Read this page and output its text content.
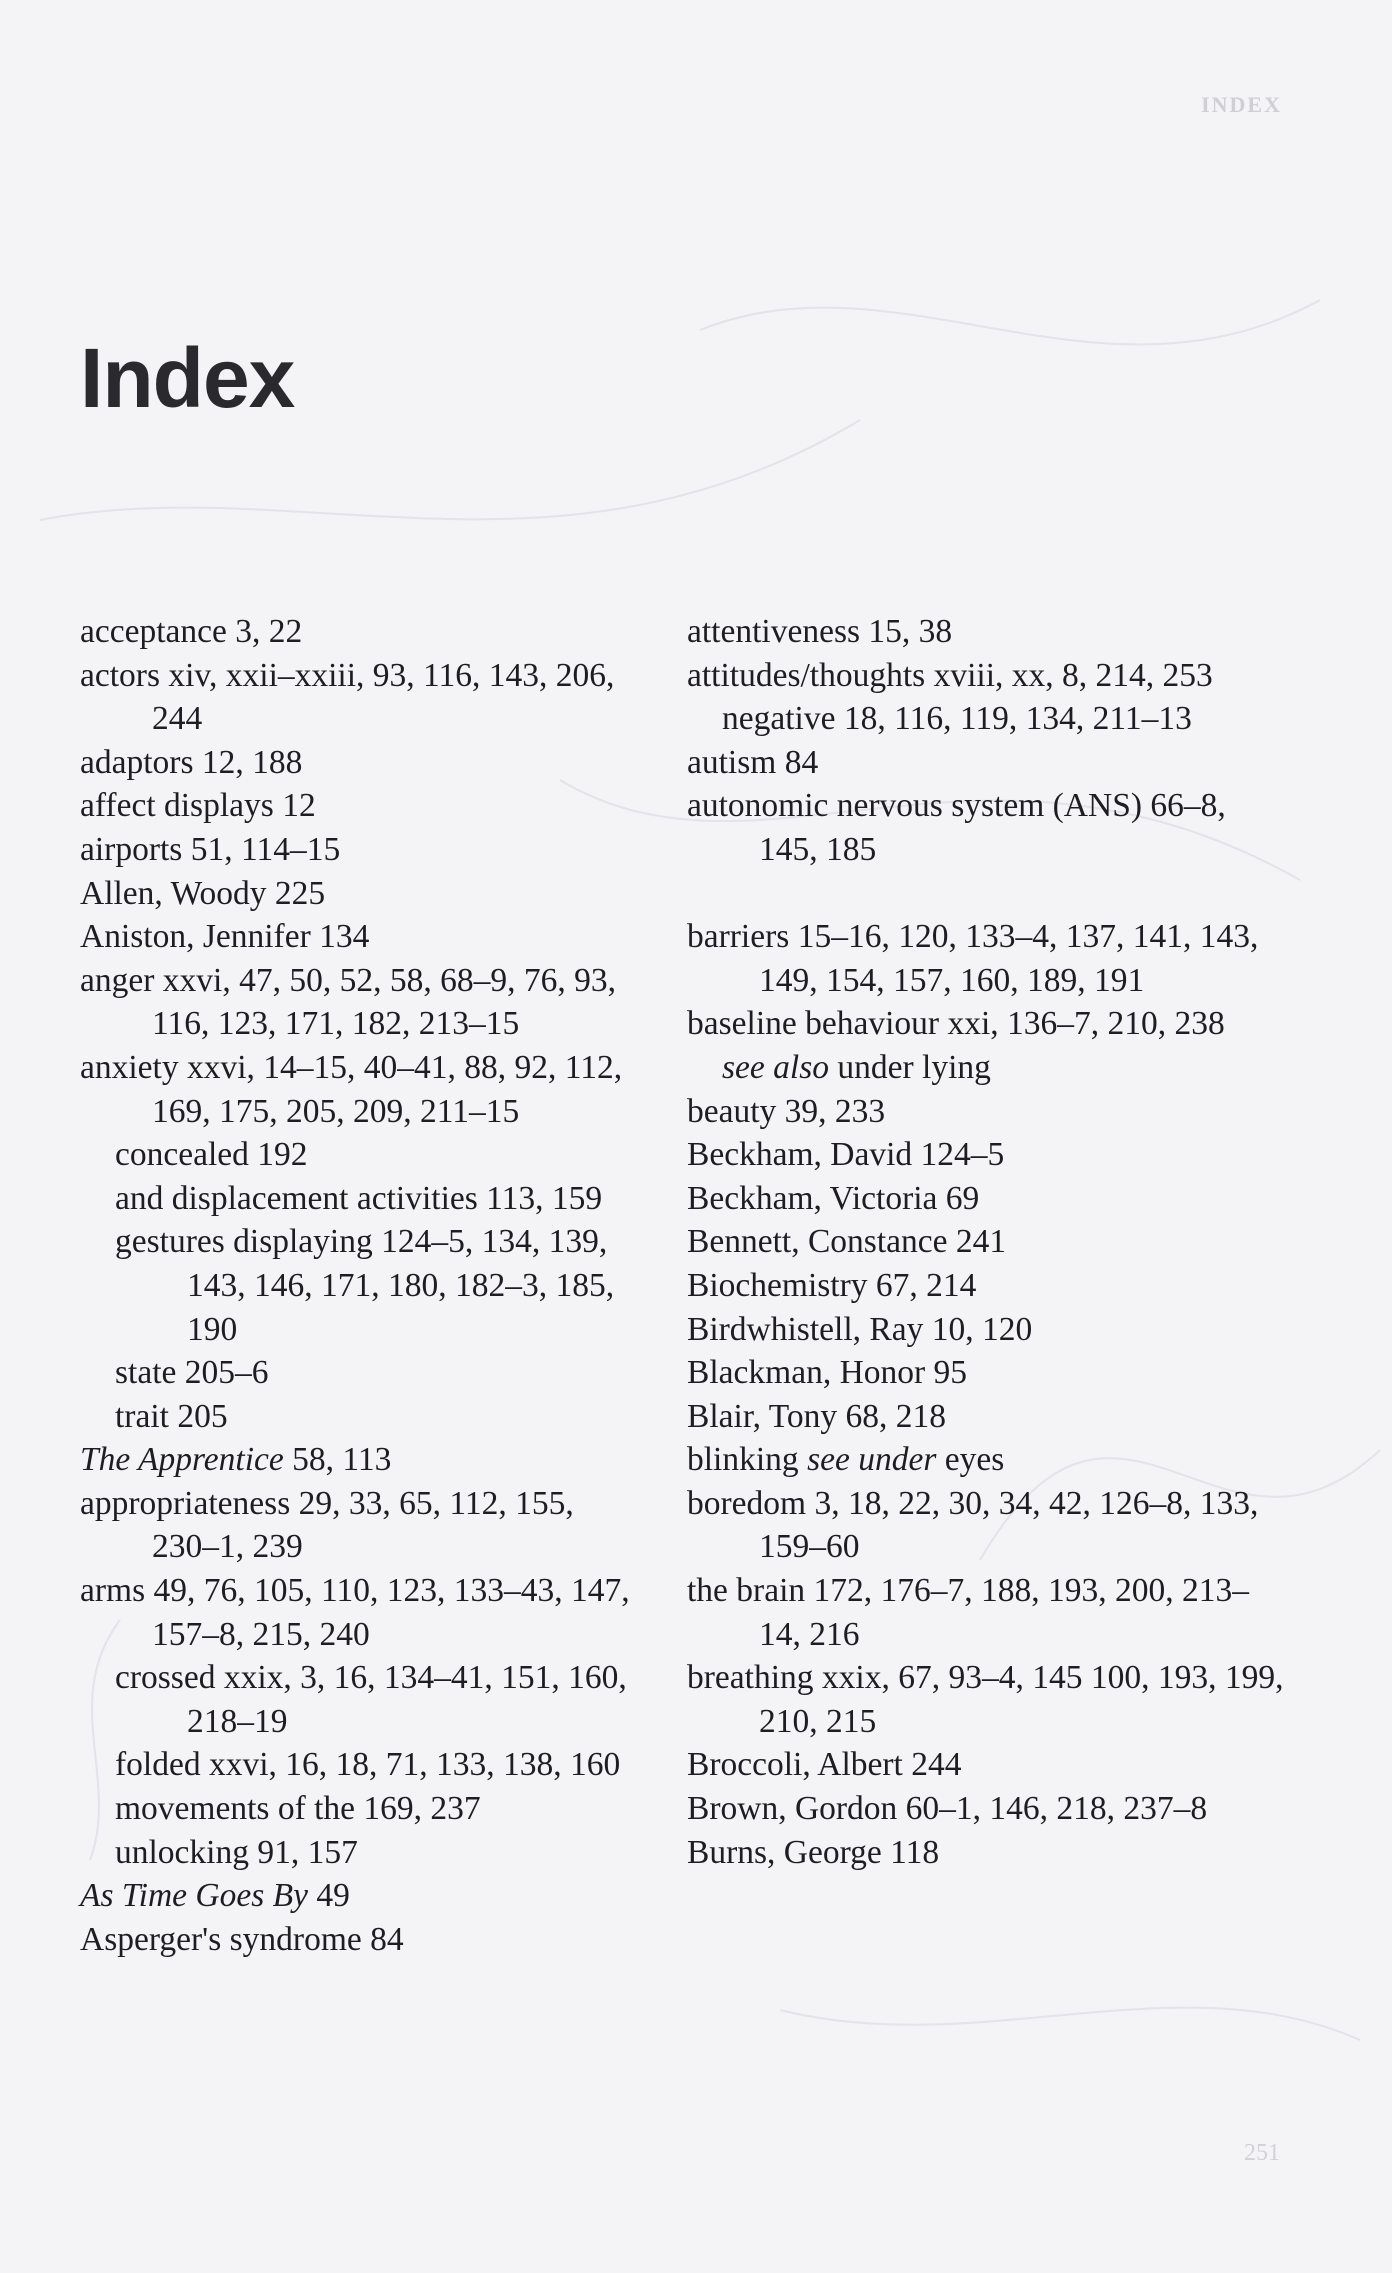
INDEX
Index
acceptance 3, 22
actors xiv, xxii–xxiii, 93, 116, 143, 206, 244
adaptors 12, 188
affect displays 12
airports 51, 114–15
Allen, Woody 225
Aniston, Jennifer 134
anger xxvi, 47, 50, 52, 58, 68–9, 76, 93, 116, 123, 171, 182, 213–15
anxiety xxvi, 14–15, 40–41, 88, 92, 112, 169, 175, 205, 209, 211–15
concealed 192
and displacement activities 113, 159
gestures displaying 124–5, 134, 139, 143, 146, 171, 180, 182–3, 185, 190
state 205–6
trait 205
The Apprentice 58, 113
appropriateness 29, 33, 65, 112, 155, 230–1, 239
arms 49, 76, 105, 110, 123, 133–43, 147, 157–8, 215, 240
crossed xxix, 3, 16, 134–41, 151, 160, 218–19
folded xxvi, 16, 18, 71, 133, 138, 160
movements of the 169, 237
unlocking 91, 157
As Time Goes By 49
Asperger's syndrome 84
attentiveness 15, 38
attitudes/thoughts xviii, xx, 8, 214, 253
negative 18, 116, 119, 134, 211–13
autism 84
autonomic nervous system (ANS) 66–8, 145, 185
barriers 15–16, 120, 133–4, 137, 141, 143, 149, 154, 157, 160, 189, 191
baseline behaviour xxi, 136–7, 210, 238
see also under lying
beauty 39, 233
Beckham, David 124–5
Beckham, Victoria 69
Bennett, Constance 241
Biochemistry 67, 214
Birdwhistell, Ray 10, 120
Blackman, Honor 95
Blair, Tony 68, 218
blinking see under eyes
boredom 3, 18, 22, 30, 34, 42, 126–8, 133, 159–60
the brain 172, 176–7, 188, 193, 200, 213–14, 216
breathing xxix, 67, 93–4, 145 100, 193, 199, 210, 215
Broccoli, Albert 244
Brown, Gordon 60–1, 146, 218, 237–8
Burns, George 118
251
